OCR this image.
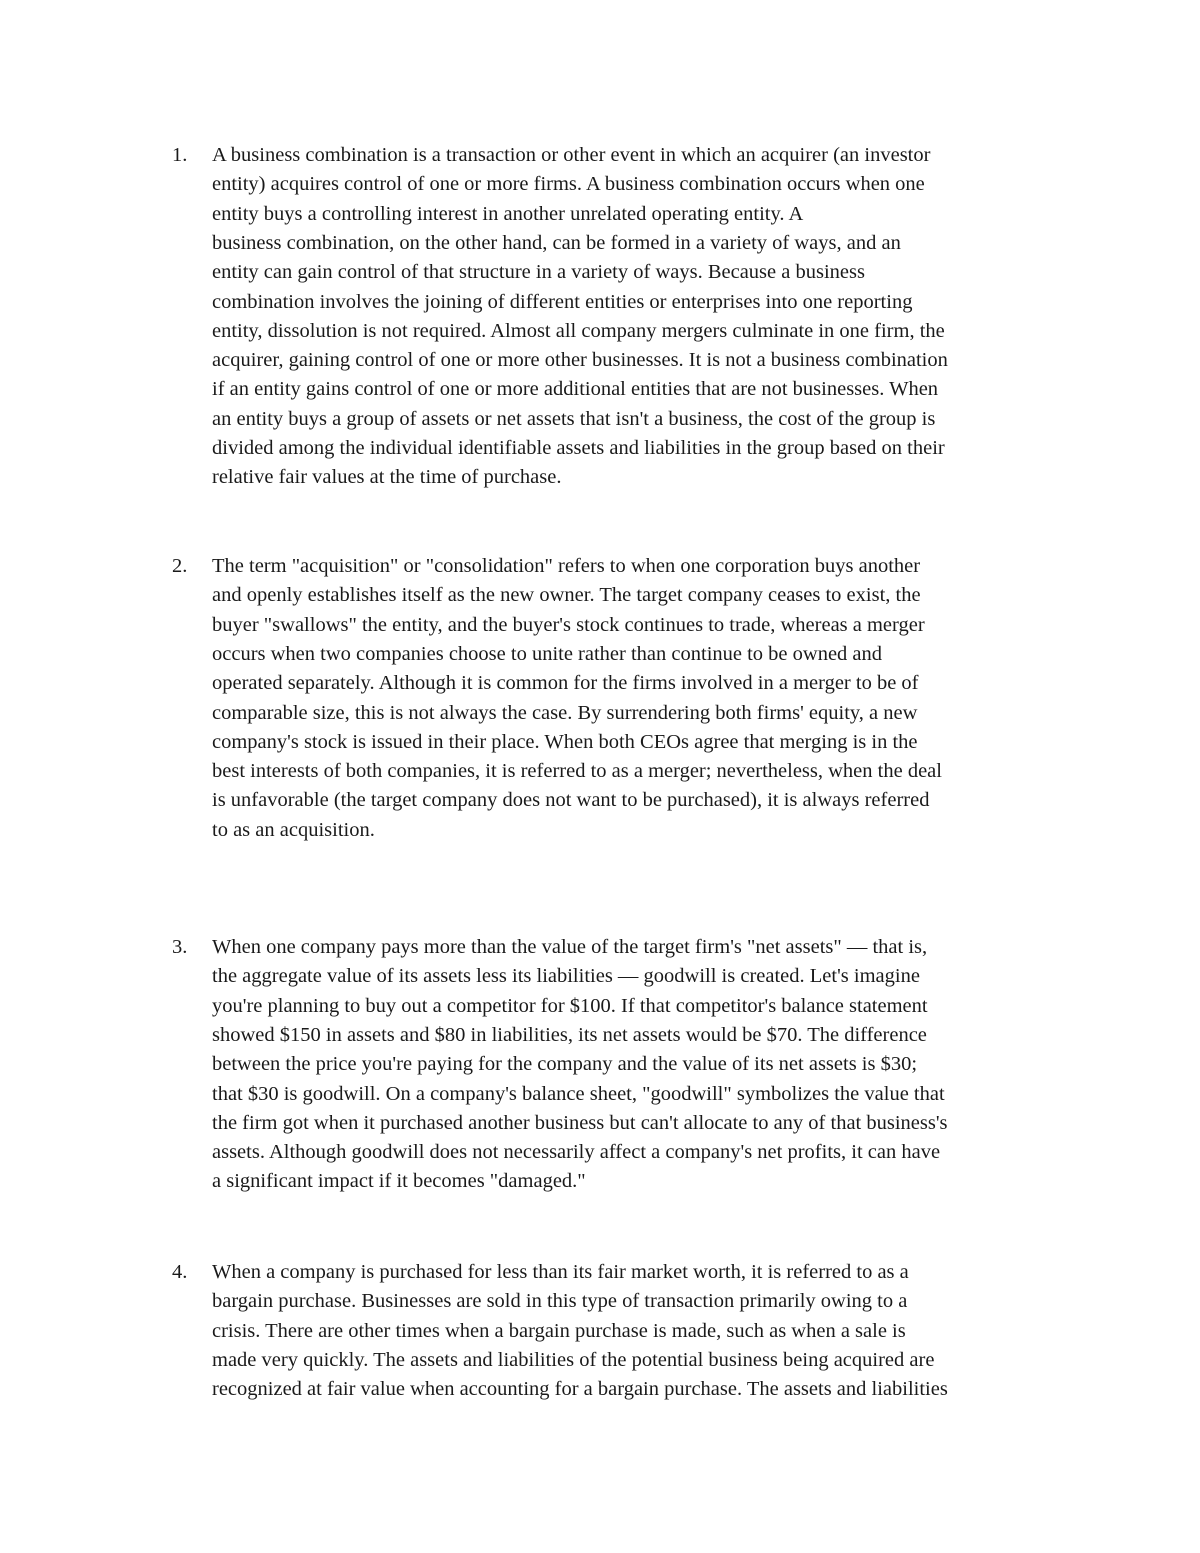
1.	A business combination is a transaction or other event in which an acquirer (an investor
entity) acquires control of one or more firms. A business combination occurs when one
entity buys a controlling interest in another unrelated operating entity. A
business combination, on the other hand, can be formed in a variety of ways, and an
entity can gain control of that structure in a variety of ways. Because a business
combination involves the joining of different entities or enterprises into one reporting
entity, dissolution is not required. Almost all company mergers culminate in one firm, the
acquirer, gaining control of one or more other businesses. It is not a business combination
if an entity gains control of one or more additional entities that are not businesses. When
an entity buys a group of assets or net assets that isn't a business, the cost of the group is
divided among the individual identifiable assets and liabilities in the group based on their
relative fair values at the time of purchase.
2.	The term "acquisition" or "consolidation" refers to when one corporation buys another
and openly establishes itself as the new owner. The target company ceases to exist, the
buyer "swallows" the entity, and the buyer's stock continues to trade, whereas a merger
occurs when two companies choose to unite rather than continue to be owned and
operated separately. Although it is common for the firms involved in a merger to be of
comparable size, this is not always the case. By surrendering both firms' equity, a new
company's stock is issued in their place. When both CEOs agree that merging is in the
best interests of both companies, it is referred to as a merger; nevertheless, when the deal
is unfavorable (the target company does not want to be purchased), it is always referred
to as an acquisition.
3.	When one company pays more than the value of the target firm's "net assets" — that is,
the aggregate value of its assets less its liabilities — goodwill is created. Let's imagine
you're planning to buy out a competitor for $100. If that competitor's balance statement
showed $150 in assets and $80 in liabilities, its net assets would be $70. The difference
between the price you're paying for the company and the value of its net assets is $30;
that $30 is goodwill. On a company's balance sheet, "goodwill" symbolizes the value that
the firm got when it purchased another business but can't allocate to any of that business's
assets. Although goodwill does not necessarily affect a company's net profits, it can have
a significant impact if it becomes "damaged."
4.	When a company is purchased for less than its fair market worth, it is referred to as a
bargain purchase. Businesses are sold in this type of transaction primarily owing to a
crisis. There are other times when a bargain purchase is made, such as when a sale is
made very quickly. The assets and liabilities of the potential business being acquired are
recognized at fair value when accounting for a bargain purchase. The assets and liabilities
